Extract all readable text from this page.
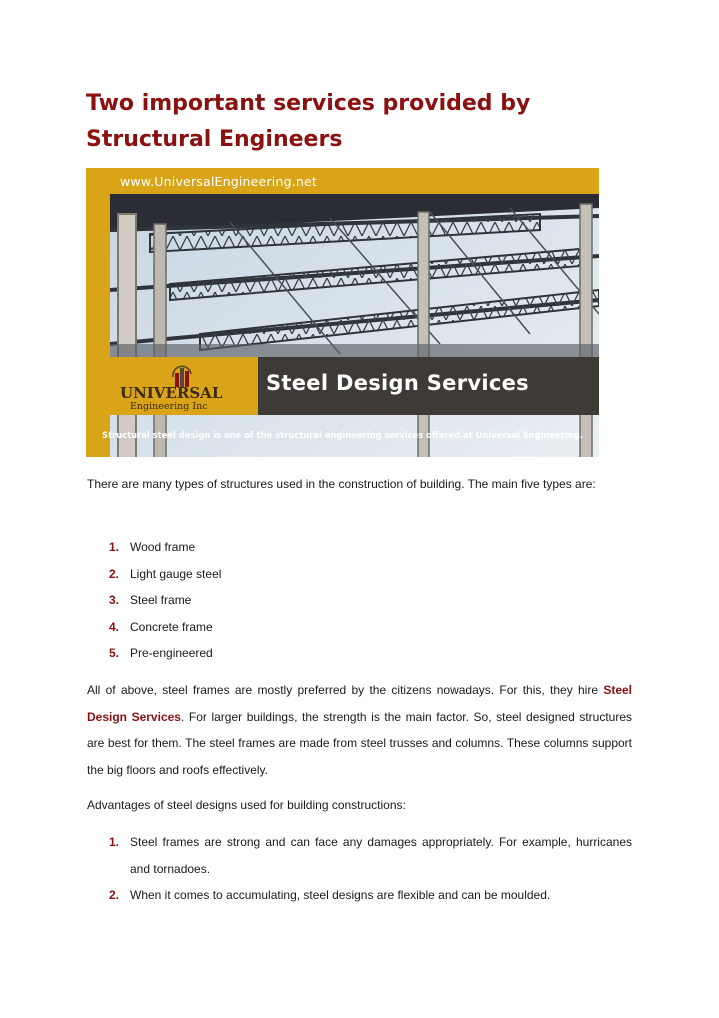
Two important services provided by Structural Engineers
UNIVERSAL
Engineering Inc
www.UniversalEngineering.net
Steel Design Services
Structural steel design is one of the structural engineering services offered at Universal Engineering.

There are many types of structures used in the construction of building. The main five types are:

1. Wood frame
2. Light gauge steel
3. Steel frame
4. Concrete frame
5. Pre-engineered

All of above, steel frames are mostly preferred by the citizens nowadays. For this, they hire Steel Design Services. For larger buildings, the strength is the main factor. So, steel designed structures are best for them. The steel frames are made from steel trusses and columns. These columns support the big floors and roofs effectively.

Advantages of steel designs used for building constructions:

1. Steel frames are strong and can face any damages appropriately. For example, hurricanes and tornadoes.
2. When it comes to accumulating, steel designs are flexible and can be moulded.
